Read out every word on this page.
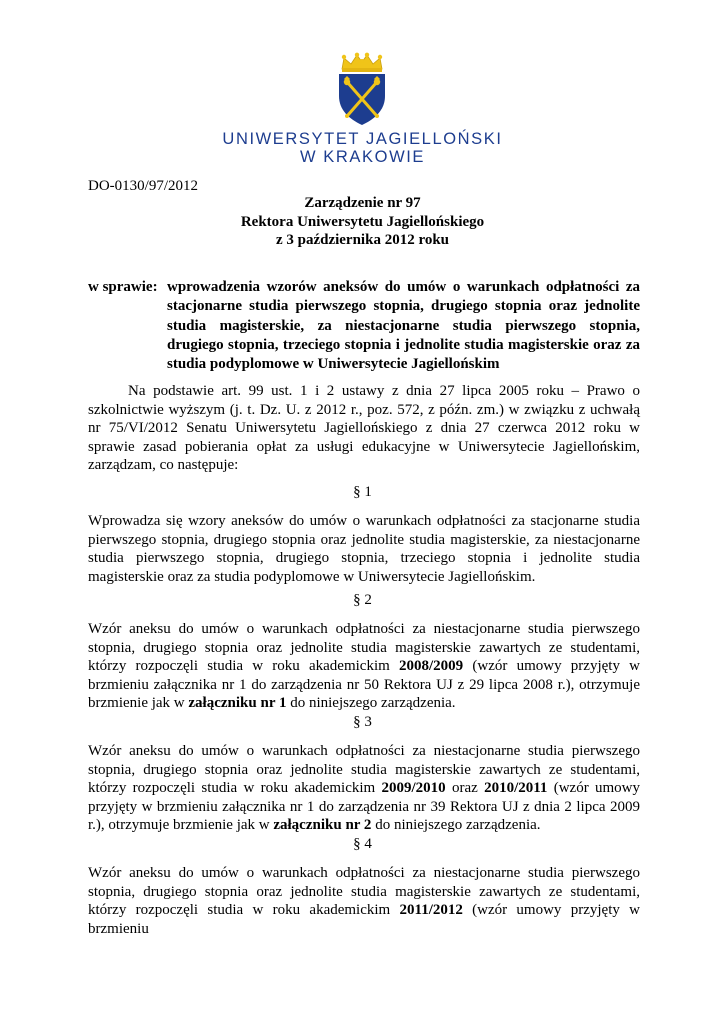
UNIWERSYTET JAGIELLOŃSKI
W KRAKOWIE
DO-0130/97/2012
Zarządzenie nr 97
Rektora Uniwersytetu Jagiellońskiego
z 3 października 2012 roku
w sprawie: wprowadzenia wzorów aneksów do umów o warunkach odpłatności za stacjonarne studia pierwszego stopnia, drugiego stopnia oraz jednolite studia magisterskie, za niestacjonarne studia pierwszego stopnia, drugiego stopnia, trzeciego stopnia i jednolite studia magisterskie oraz za studia podyplomowe w Uniwersytecie Jagiellońskim
Na podstawie art. 99 ust. 1 i 2 ustawy z dnia 27 lipca 2005 roku – Prawo o szkolnictwie wyższym (j. t. Dz. U. z 2012 r., poz. 572, z późn. zm.) w związku z uchwałą nr 75/VI/2012 Senatu Uniwersytetu Jagiellońskiego z dnia 27 czerwca 2012 roku w sprawie zasad pobierania opłat za usługi edukacyjne w Uniwersytecie Jagiellońskim, zarządzam, co następuje:
§ 1
Wprowadza się wzory aneksów do umów o warunkach odpłatności za stacjonarne studia pierwszego stopnia, drugiego stopnia oraz jednolite studia magisterskie, za niestacjonarne studia pierwszego stopnia, drugiego stopnia, trzeciego stopnia i jednolite studia magisterskie oraz za studia podyplomowe w Uniwersytecie Jagiellońskim.
§ 2
Wzór aneksu do umów o warunkach odpłatności za niestacjonarne studia pierwszego stopnia, drugiego stopnia oraz jednolite studia magisterskie zawartych ze studentami, którzy rozpoczęli studia w roku akademickim 2008/2009 (wzór umowy przyjęty w brzmieniu załącznika nr 1 do zarządzenia nr 50 Rektora UJ z 29 lipca 2008 r.), otrzymuje brzmienie jak w załączniku nr 1 do niniejszego zarządzenia.
§ 3
Wzór aneksu do umów o warunkach odpłatności za niestacjonarne studia pierwszego stopnia, drugiego stopnia oraz jednolite studia magisterskie zawartych ze studentami, którzy rozpoczęli studia w roku akademickim 2009/2010 oraz 2010/2011 (wzór umowy przyjęty w brzmieniu załącznika nr 1 do zarządzenia nr 39 Rektora UJ z dnia 2 lipca 2009 r.), otrzymuje brzmienie jak w załączniku nr 2 do niniejszego zarządzenia.
§ 4
Wzór aneksu do umów o warunkach odpłatności za niestacjonarne studia pierwszego stopnia, drugiego stopnia oraz jednolite studia magisterskie zawartych ze studentami, którzy rozpoczęli studia w roku akademickim 2011/2012 (wzór umowy przyjęty w brzmieniu
